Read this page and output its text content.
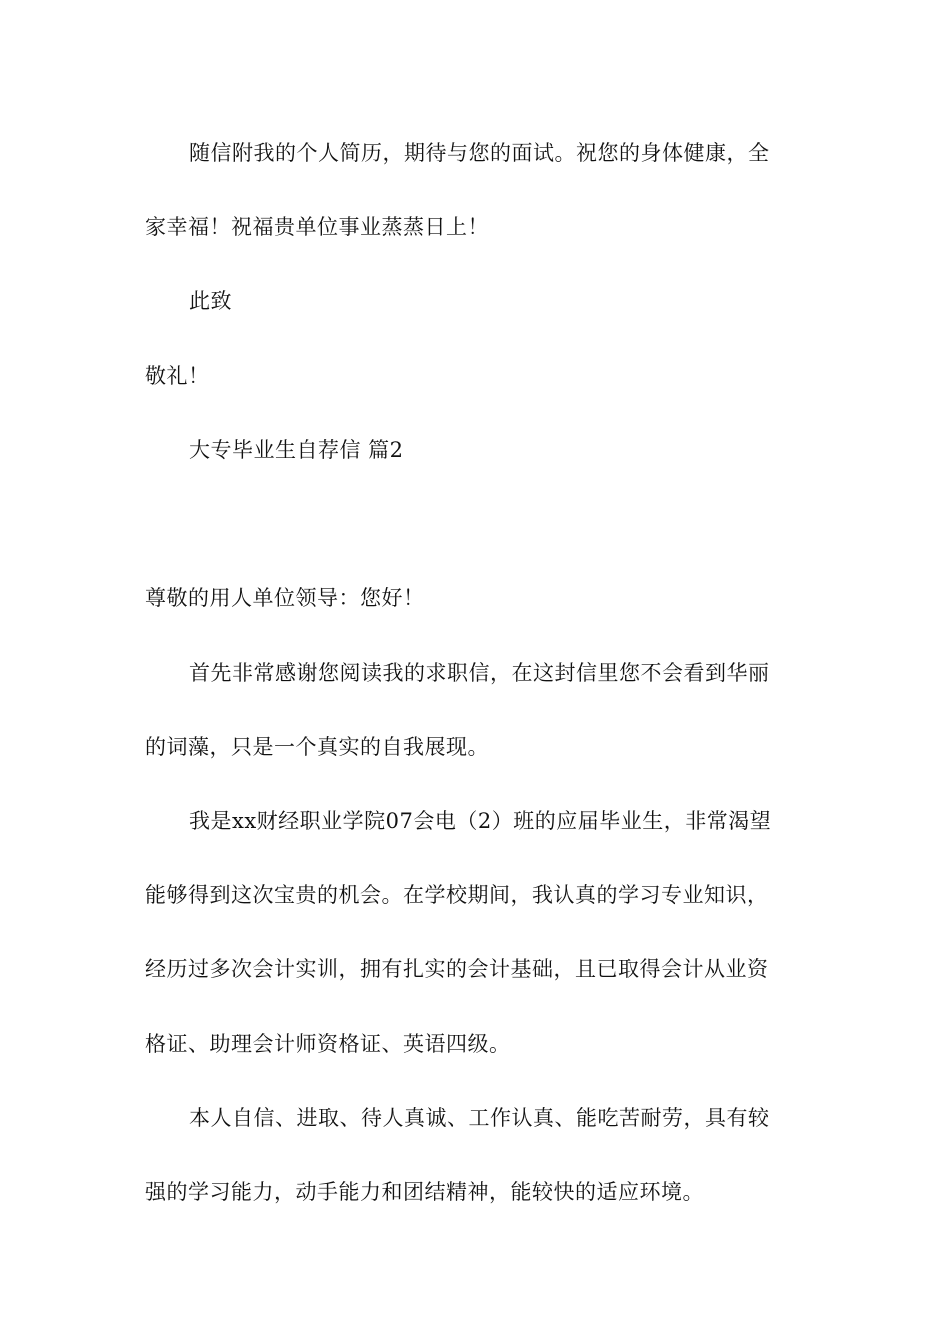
随信附我的个人简历，期待与您的面试。祝您的身体健康，全
家幸福！祝福贵单位事业蒸蒸日上！
此致
敬礼！
大专毕业生自荐信 篇2
尊敬的用人单位领导：您好！
首先非常感谢您阅读我的求职信，在这封信里您不会看到华丽
的词藻，只是一个真实的自我展现。
我是xx财经职业学院07会电（2）班的应届毕业生，非常渴望
能够得到这次宝贵的机会。在学校期间，我认真的学习专业知识，
经历过多次会计实训，拥有扎实的会计基础，且已取得会计从业资
格证、助理会计师资格证、英语四级。
本人自信、进取、待人真诚、工作认真、能吃苦耐劳，具有较
强的学习能力，动手能力和团结精神，能较快的适应环境。
